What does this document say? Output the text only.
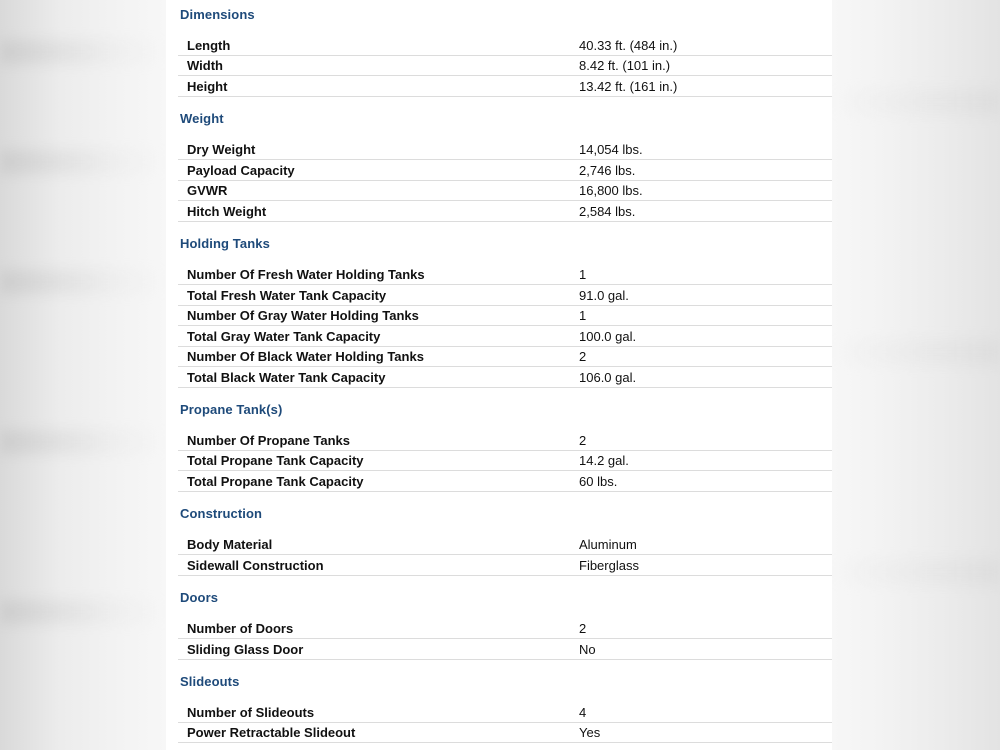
Dimensions
Length	40.33 ft. (484 in.)
Width	8.42 ft. (101 in.)
Height	13.42 ft. (161 in.)
Weight
Dry Weight	14,054 lbs.
Payload Capacity	2,746 lbs.
GVWR	16,800 lbs.
Hitch Weight	2,584 lbs.
Holding Tanks
Number Of Fresh Water Holding Tanks	1
Total Fresh Water Tank Capacity	91.0 gal.
Number Of Gray Water Holding Tanks	1
Total Gray Water Tank Capacity	100.0 gal.
Number Of Black Water Holding Tanks	2
Total Black Water Tank Capacity	106.0 gal.
Propane Tank(s)
Number Of Propane Tanks	2
Total Propane Tank Capacity	14.2 gal.
Total Propane Tank Capacity	60 lbs.
Construction
Body Material	Aluminum
Sidewall Construction	Fiberglass
Doors
Number of Doors	2
Sliding Glass Door	No
Slideouts
Number of Slideouts	4
Power Retractable Slideout	Yes
